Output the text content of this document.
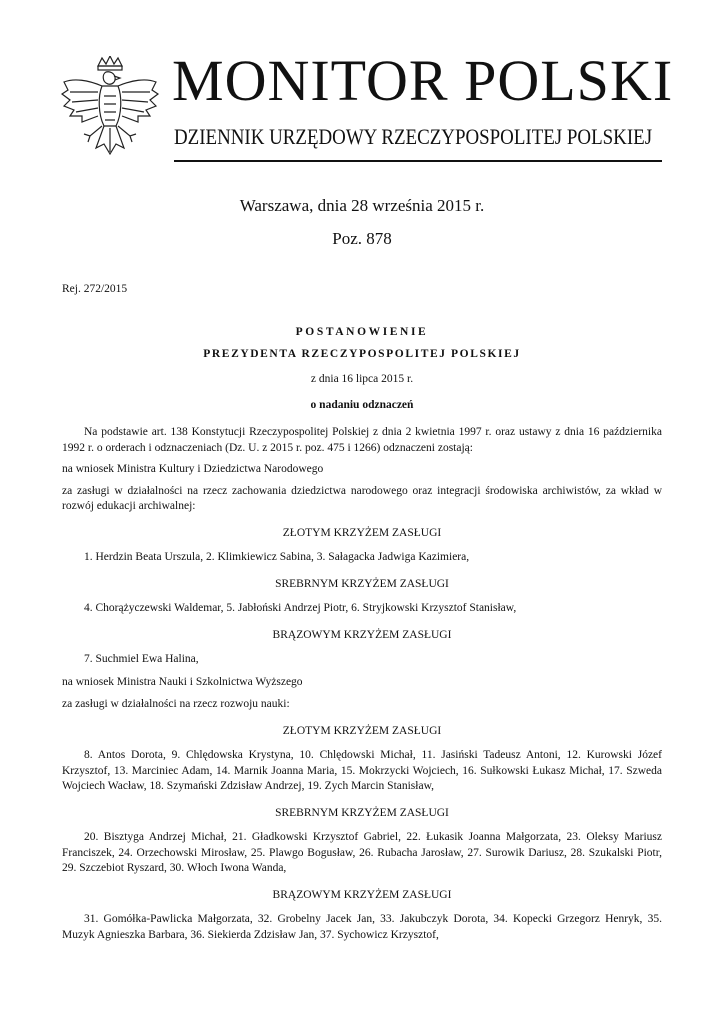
MONITOR POLSKI
DZIENNIK URZĘDOWY RZECZYPOSPOLITEJ POLSKIEJ
Warszawa, dnia 28 września 2015 r.
Poz. 878
Rej. 272/2015

POSTANOWIENIE

PREZYDENTA RZECZYPOSPOLITEJ POLSKIEJ

z dnia 16 lipca 2015 r.

o nadaniu odznaczeń

Na podstawie art. 138 Konstytucji Rzeczypospolitej Polskiej z dnia 2 kwietnia 1997 r. oraz ustawy z dnia 16 października 1992 r. o orderach i odznaczeniach (Dz. U. z 2015 r. poz. 475 i 1266) odznaczeni zostają:

na wniosek Ministra Kultury i Dziedzictwa Narodowego

za zasługi w działalności na rzecz zachowania dziedzictwa narodowego oraz integracji środowiska archiwistów, za wkład w rozwój edukacji archiwalnej:

ZŁOTYM KRZYŻEM ZASŁUGI

1. Herdzin Beata Urszula, 2. Klimkiewicz Sabina, 3. Sałagacka Jadwiga Kazimiera,

SREBRNYM KRZYŻEM ZASŁUGI

4. Chorążyczewski Waldemar, 5. Jabłoński Andrzej Piotr, 6. Stryjkowski Krzysztof Stanisław,

BRĄZOWYM KRZYŻEM ZASŁUGI

7. Suchmiel Ewa Halina,

na wniosek Ministra Nauki i Szkolnictwa Wyższego

za zasługi w działalności na rzecz rozwoju nauki:

ZŁOTYM KRZYŻEM ZASŁUGI

8. Antos Dorota, 9. Chlędowska Krystyna, 10. Chlędowski Michał, 11. Jasiński Tadeusz Antoni, 12. Kurowski Józef Krzysztof, 13. Marciniec Adam, 14. Marnik Joanna Maria, 15. Mokrzycki Wojciech, 16. Sułkowski Łukasz Michał, 17. Szweda Wojciech Wacław, 18. Szymański Zdzisław Andrzej, 19. Zych Marcin Stanisław,

SREBRNYM KRZYŻEM ZASŁUGI

20. Bisztyga Andrzej Michał, 21. Gładkowski Krzysztof Gabriel, 22. Łukasik Joanna Małgorzata, 23. Oleksy Mariusz Franciszek, 24. Orzechowski Mirosław, 25. Plawgo Bogusław, 26. Rubacha Jarosław, 27. Surowik Dariusz, 28. Szukalski Piotr, 29. Szczebiot Ryszard, 30. Włoch Iwona Wanda,

BRĄZOWYM KRZYŻEM ZASŁUGI

31. Gomółka-Pawlicka Małgorzata, 32. Grobelny Jacek Jan, 33. Jakubczyk Dorota, 34. Kopecki Grzegorz Henryk, 35. Muzyk Agnieszka Barbara, 36. Siekierda Zdzisław Jan, 37. Sychowicz Krzysztof,
